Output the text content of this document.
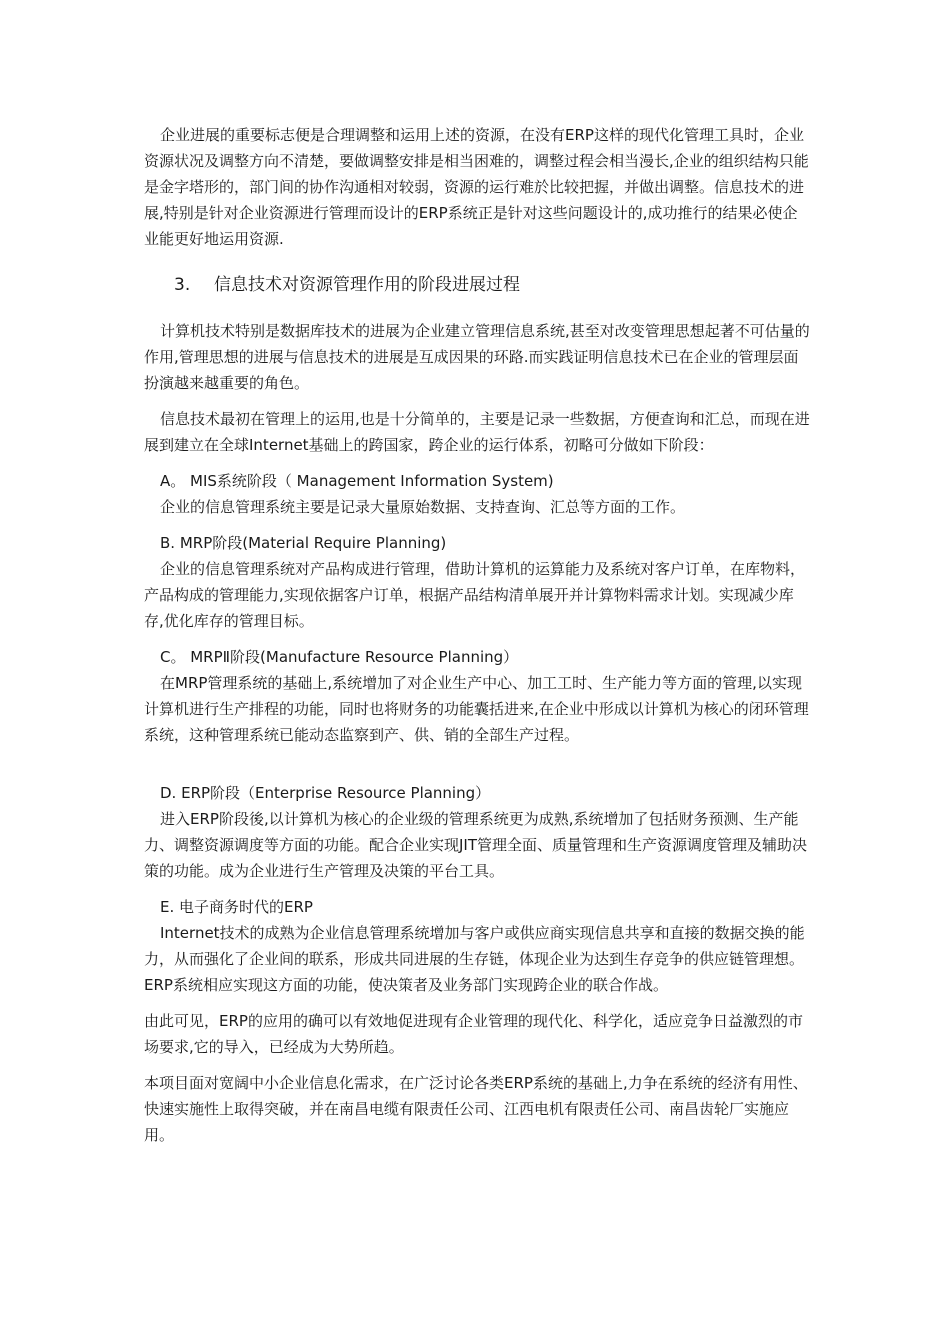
企业进展的重要标志便是合理调整和运用上述的资源，在没有ERP这样的现代化管理工具时，企业资源状况及调整方向不清楚，要做调整安排是相当困难的，调整过程会相当漫长,企业的组织结构只能是金字塔形的，部门间的协作沟通相对较弱，资源的运行难於比较把握，并做出调整。信息技术的进展,特别是针对企业资源进行管理而设计的ERP系统正是针对这些问题设计的,成功推行的结果必使企业能更好地运用资源.

3. 信息技术对资源管理作用的阶段进展过程

计算机技术特别是数据库技术的进展为企业建立管理信息系统,甚至对改变管理思想起著不可估量的作用,管理思想的进展与信息技术的进展是互成因果的环路.而实践证明信息技术已在企业的管理层面扮演越来越重要的角色。

信息技术最初在管理上的运用,也是十分简单的，主要是记录一些数据，方便查询和汇总，而现在进展到建立在全球Internet基础上的跨国家，跨企业的运行体系，初略可分做如下阶段：

A。 MIS系统阶段（ Management Information System)

企业的信息管理系统主要是记录大量原始数据、支持查询、汇总等方面的工作。

B. MRP阶段(Material Require Planning)

企业的信息管理系统对产品构成进行管理，借助计算机的运算能力及系统对客户订单，在库物料，产品构成的管理能力,实现依据客户订单，根据产品结构清单展开并计算物料需求计划。实现减少库存,优化库存的管理目标。

C。 MRPⅡ阶段(Manufacture Resource Planning）

在MRP管理系统的基础上,系统增加了对企业生产中心、加工工时、生产能力等方面的管理,以实现计算机进行生产排程的功能，同时也将财务的功能囊括进来,在企业中形成以计算机为核心的闭环管理系统，这种管理系统已能动态监察到产、供、销的全部生产过程。

D. ERP阶段（Enterprise Resource Planning）

进入ERP阶段後,以计算机为核心的企业级的管理系统更为成熟,系统增加了包括财务预测、生产能力、调整资源调度等方面的功能。配合企业实现JIT管理全面、质量管理和生产资源调度管理及辅助决策的功能。成为企业进行生产管理及决策的平台工具。

E. 电子商务时代的ERP

Internet技术的成熟为企业信息管理系统增加与客户或供应商实现信息共享和直接的数据交换的能力，从而强化了企业间的联系，形成共同进展的生存链，体现企业为达到生存竞争的供应链管理想。ERP系统相应实现这方面的功能，使决策者及业务部门实现跨企业的联合作战。

由此可见，ERP的应用的确可以有效地促进现有企业管理的现代化、科学化，适应竞争日益激烈的市场要求,它的导入，已经成为大势所趋。

本项目面对宽阔中小企业信息化需求，在广泛讨论各类ERP系统的基础上,力争在系统的经济有用性、快速实施性上取得突破，并在南昌电缆有限责任公司、江西电机有限责任公司、南昌齿轮厂实施应用。
